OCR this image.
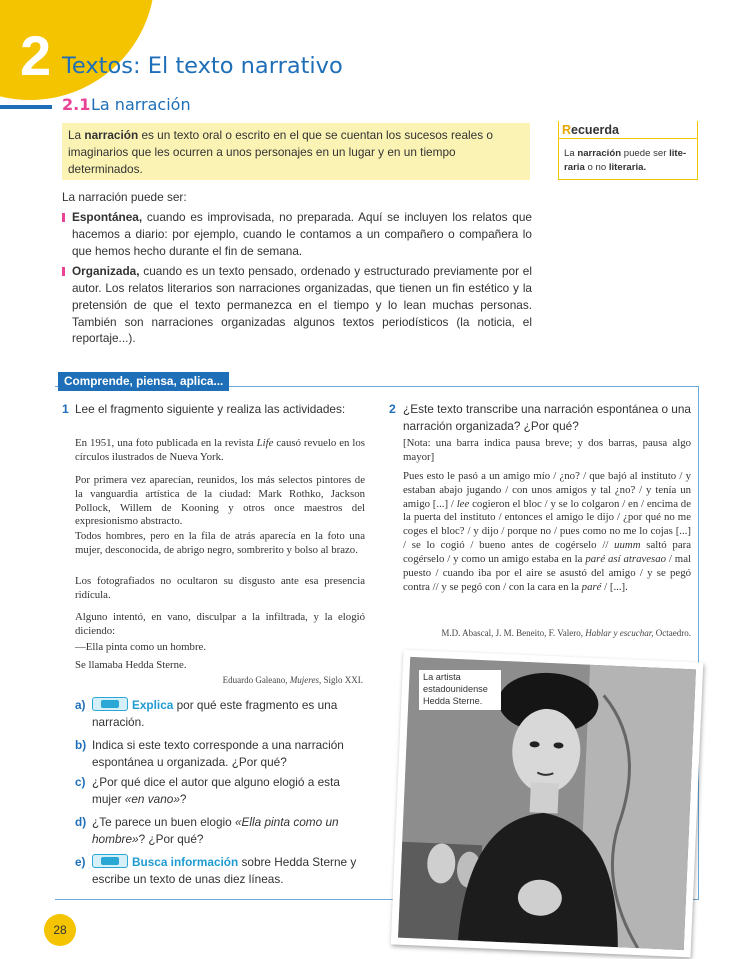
2 Textos: El texto narrativo
2.1 La narración
La narración es un texto oral o escrito en el que se cuentan los sucesos reales o imaginarios que les ocurren a unos personajes en un lugar y en un tiempo determinados.
Recuerda
La narración puede ser literaria o no literaria.
La narración puede ser:
Espontánea, cuando es improvisada, no preparada. Aquí se incluyen los relatos que hacemos a diario: por ejemplo, cuando le contamos a un compañero o compañera lo que hemos hecho durante el fin de semana.
Organizada, cuando es un texto pensado, ordenado y estructurado previamente por el autor. Los relatos literarios son narraciones organizadas, que tienen un fin estético y la pretensión de que el texto permanezca en el tiempo y lo lean muchas personas. También son narraciones organizadas algunos textos periodísticos (la noticia, el reportaje...).
Comprende, piensa, aplica...
1 Lee el fragmento siguiente y realiza las actividades:
En 1951, una foto publicada en la revista Life causó revuelo en los círculos ilustrados de Nueva York.
Por primera vez aparecían, reunidos, los más selectos pintores de la vanguardia artística de la ciudad: Mark Rothko, Jackson Pollock, Willem de Kooning y otros once maestros del expresionismo abstracto.
Todos hombres, pero en la fila de atrás aparecía en la foto una mujer, desconocida, de abrigo negro, sombrerito y bolso al brazo.
Los fotografiados no ocultaron su disgusto ante esa presencia ridícula.
Alguno intentó, en vano, disculpar a la infiltrada, y la elogió diciendo:
—Ella pinta como un hombre.
Se llamaba Hedda Sterne.
Eduardo Galeano, Mujeres, Siglo XXI.
a)	Explica por qué este fragmento es una narración.
b) Indica si este texto corresponde a una narración espontánea u organizada. ¿Por qué?
c) ¿Por qué dice el autor que alguno elogió a esta mujer «en vano»?
d) ¿Te parece un buen elogio «Ella pinta como un hombre»? ¿Por qué?
e)	Busca información sobre Hedda Sterne y escribe un texto de unas diez líneas.
2 ¿Este texto transcribe una narración espontánea o una narración organizada? ¿Por qué?
[Nota: una barra indica pausa breve; y dos barras, pausa algo mayor]
Pues esto le pasó a un amigo mío / ¿no? / que bajó al instituto / y estaban abajo jugando / con unos amigos y tal ¿no? / y tenía un amigo [...] / lee cogieron el bloc / y se lo colgaron / en / encima de la puerta del instituto / entonces el amigo le dijo / ¿por qué no me coges el bloc? / y dijo / porque no / pues como no me lo cojas [...] / se lo cogió / bueno antes de cogérselo // uumm saltó para cogérselo / y como un amigo estaba en la paré así atravesao / mal puesto / cuando iba por el aire se asustó del amigo / y se pegó contra // y se pegó con / con la cara en la paré / [...].
M.D. Abascal, J. M. Beneito, F. Valero, Hablar y escuchar, Octaedro.
La artista estadounidense Hedda Sterne.
28
